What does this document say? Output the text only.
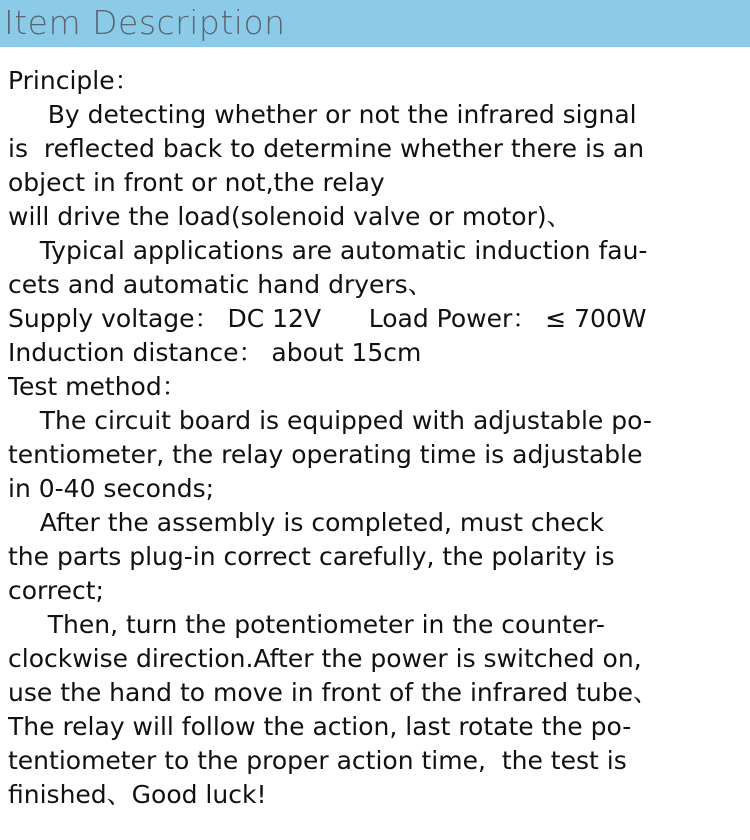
Item Description
Principle：
By detecting whether or not the infrared signal
is  reflected back to determine whether there is an
object in front or not,the relay
will drive the load(solenoid valve or motor)、
Typical applications are automatic induction fau-
cets and automatic hand dryers、
Supply voltage： DC 12V      Load Power： ≤ 700W
Induction distance： about 15cm
Test method：
The circuit board is equipped with adjustable po-
tentiometer, the relay operating time is adjustable
in 0-40 seconds;
After the assembly is completed, must check
the parts plug-in correct carefully, the polarity is
correct;
Then, turn the potentiometer in the counter-
clockwise direction.After the power is switched on,
use the hand to move in front of the infrared tube、
The relay will follow the action, last rotate the po-
tentiometer to the proper action time,  the test is
finished、Good luck!
